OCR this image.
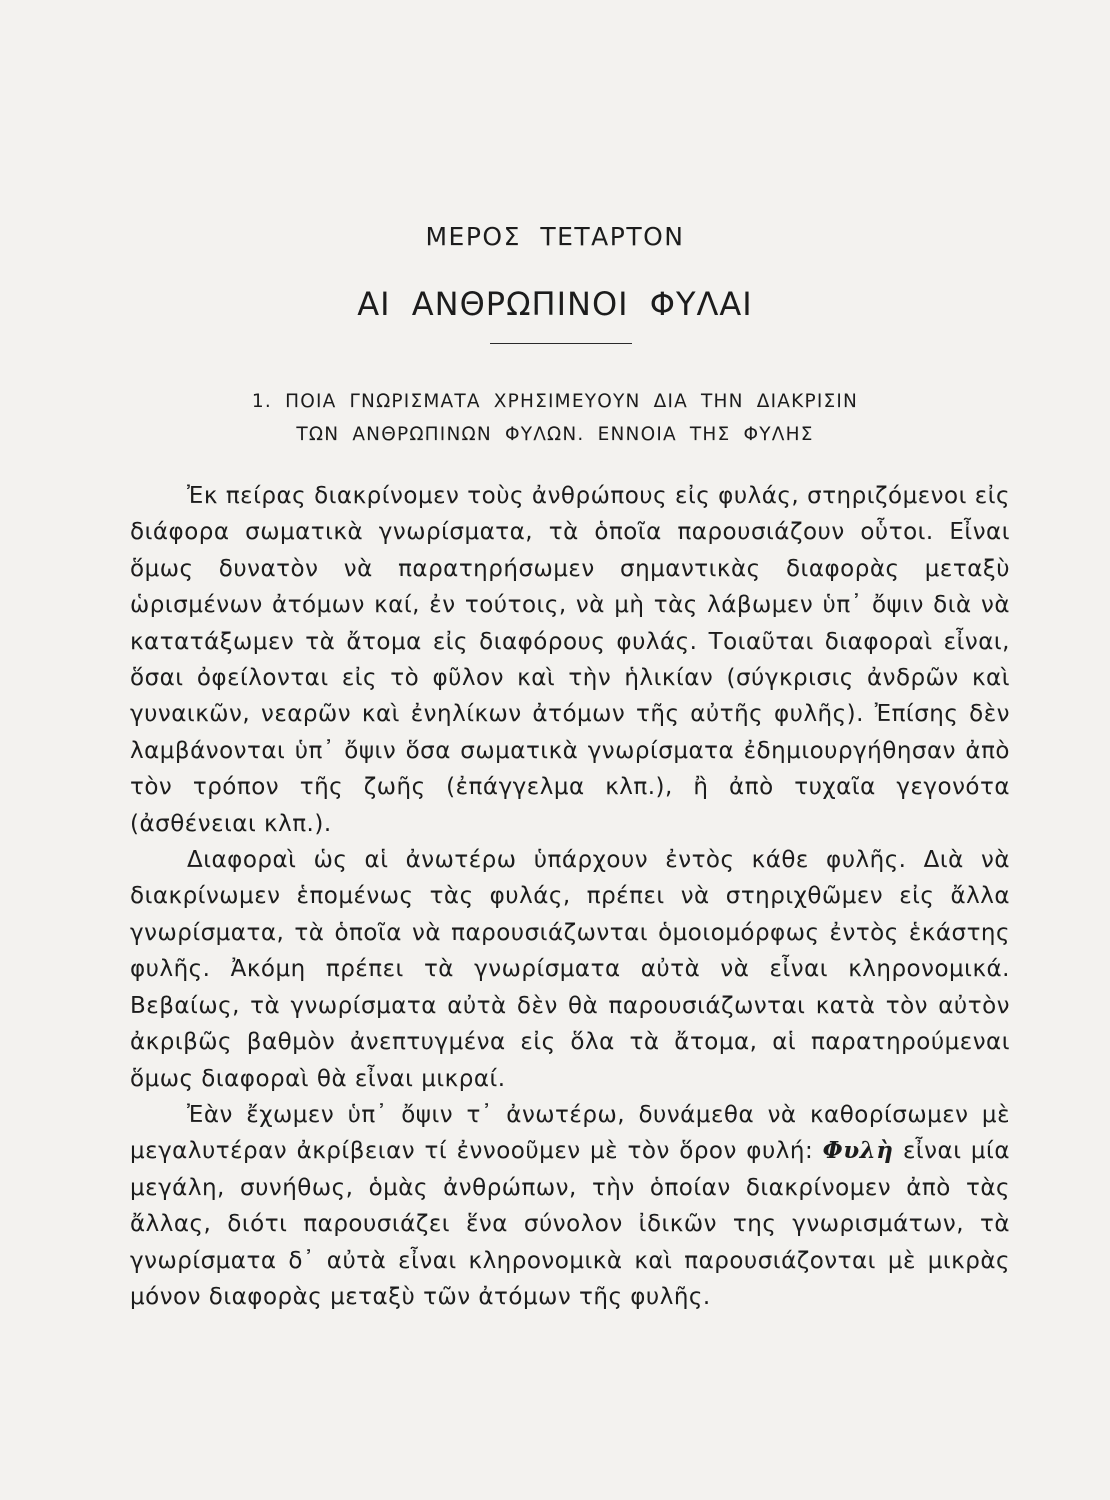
ΜΕΡΟΣ ΤΕΤΑΡΤΟΝ
ΑΙ ΑΝΘΡΩΠΙΝΟΙ ΦΥΛΑΙ
1. ΠΟΙΑ ΓΝΩΡΙΣΜΑΤΑ ΧΡΗΣΙΜΕΥΟΥΝ ΔΙΑ ΤΗΝ ΔΙΑΚΡΙΣΙΝ
ΤΩΝ ΑΝΘΡΩΠΙΝΩΝ ΦΥΛΩΝ. ΕΝΝΟΙΑ ΤΗΣ ΦΥΛΗΣ

Ἐκ πείρας διακρίνομεν τοὺς ἀνθρώπους εἰς φυλάς, στηριζόμενοι εἰς διάφορα σωματικὰ γνωρίσματα, τὰ ὁποῖα παρουσιάζουν οὗτοι. Εἶναι ὅμως δυνατὸν νὰ παρατηρήσωμεν σημαντικὰς διαφορὰς μεταξὺ ὡρισμένων ἀτόμων καί, ἐν τούτοις, νὰ μὴ τὰς λάβωμεν ὑπ᾽ ὄψιν διὰ νὰ κατατάξωμεν τὰ ἄτομα εἰς διαφόρους φυλάς. Τοιαῦται διαφοραὶ εἶναι, ὅσαι ὀφείλονται εἰς τὸ φῦλον καὶ τὴν ἡλικίαν (σύγκρισις ἀνδρῶν καὶ γυναικῶν, νεαρῶν καὶ ἐνηλίκων ἀτόμων τῆς αὐτῆς φυλῆς). Ἐπίσης δὲν λαμβάνονται ὑπ᾽ ὄψιν ὅσα σωματικὰ γνωρίσματα ἐδημιουργήθησαν ἀπὸ τὸν τρόπον τῆς ζωῆς (ἐπάγγελμα κλπ.), ἢ ἀπὸ τυχαῖα γεγονότα (ἀσθένειαι κλπ.).

Διαφοραὶ ὡς αἱ ἀνωτέρω ὑπάρχουν ἐντὸς κάθε φυλῆς. Διὰ νὰ διακρίνωμεν ἑπομένως τὰς φυλάς, πρέπει νὰ στηριχθῶμεν εἰς ἄλλα γνωρίσματα, τὰ ὁποῖα νὰ παρουσιάζωνται ὁμοιομόρφως ἐντὸς ἑκάστης φυλῆς. Ἀκόμη πρέπει τὰ γνωρίσματα αὐτὰ νὰ εἶναι κληρονομικά. Βεβαίως, τὰ γνωρίσματα αὐτὰ δὲν θὰ παρουσιάζωνται κατὰ τὸν αὐτὸν ἀκριβῶς βαθμὸν ἀνεπτυγμένα εἰς ὅλα τὰ ἄτομα, αἱ παρατηρούμεναι ὅμως διαφοραὶ θὰ εἶναι μικραί.

Ἐὰν ἔχωμεν ὑπ᾽ ὄψιν τ᾽ ἀνωτέρω, δυνάμεθα νὰ καθορίσωμεν μὲ μεγαλυτέραν ἀκρίβειαν τί ἐννοοῦμεν μὲ τὸν ὅρον φυλή: Φυλὴ εἶναι μία μεγάλη, συνήθως, ὁμὰς ἀνθρώπων, τὴν ὁποίαν διακρίνομεν ἀπὸ τὰς ἄλλας, διότι παρουσιάζει ἕνα σύνολον ἰδικῶν της γνωρισμάτων, τὰ γνωρίσματα δ᾽ αὐτὰ εἶναι κληρονομικὰ καὶ παρουσιάζονται μὲ μικρὰς μόνον διαφορὰς μεταξὺ τῶν ἀτόμων τῆς φυλῆς.
